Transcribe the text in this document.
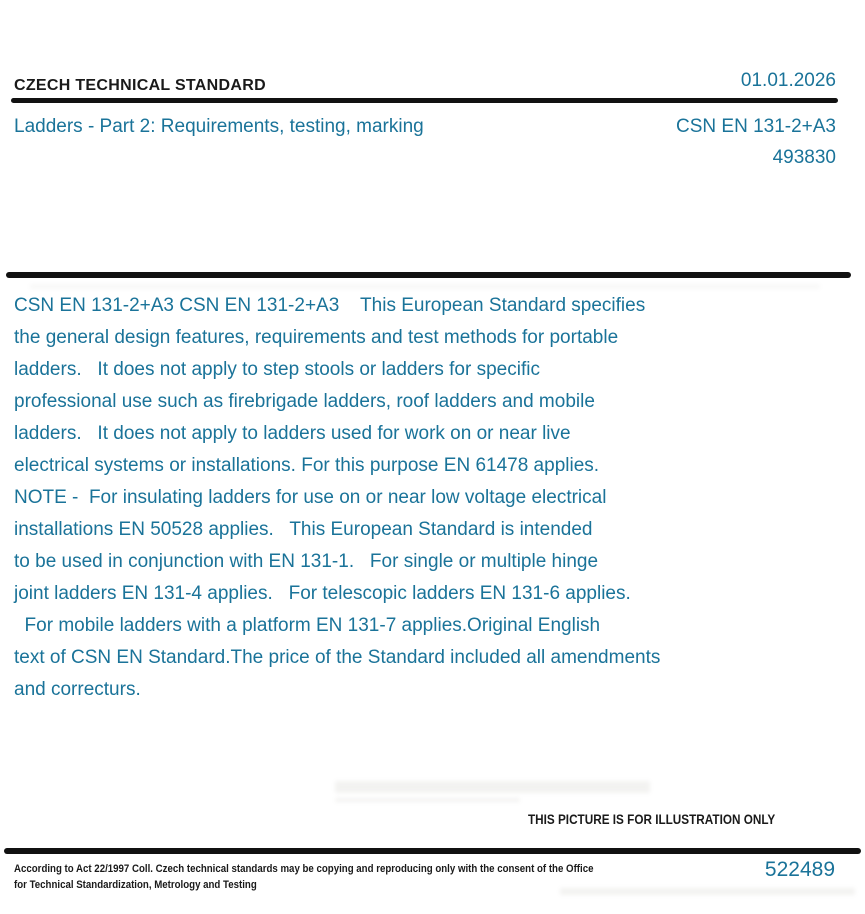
CZECH TECHNICAL STANDARD	01.01.2026
Ladders - Part 2: Requirements, testing, marking	CSN EN 131-2+A3
493830
CSN EN 131-2+A3 CSN EN 131-2+A3    This European Standard specifies
the general design features, requirements and test methods for portable
ladders.   It does not apply to step stools or ladders for specific
professional use such as firebrigade ladders, roof ladders and mobile
ladders.   It does not apply to ladders used for work on or near live
electrical systems or installations. For this purpose EN 61478 applies.
NOTE -  For insulating ladders for use on or near low voltage electrical
installations EN 50528 applies.   This European Standard is intended
to be used in conjunction with EN 131-1.   For single or multiple hinge
joint ladders EN 131-4 applies.   For telescopic ladders EN 131-6 applies.
For mobile ladders with a platform EN 131-7 applies.Original English
text of CSN EN Standard.The price of the Standard included all amendments
and correcturs.
THIS PICTURE IS FOR ILLUSTRATION ONLY
According to Act 22/1997 Coll. Czech technical standards may be copying and reproducing only with the consent of the Office
for Technical Standardization, Metrology and Testing
522489
